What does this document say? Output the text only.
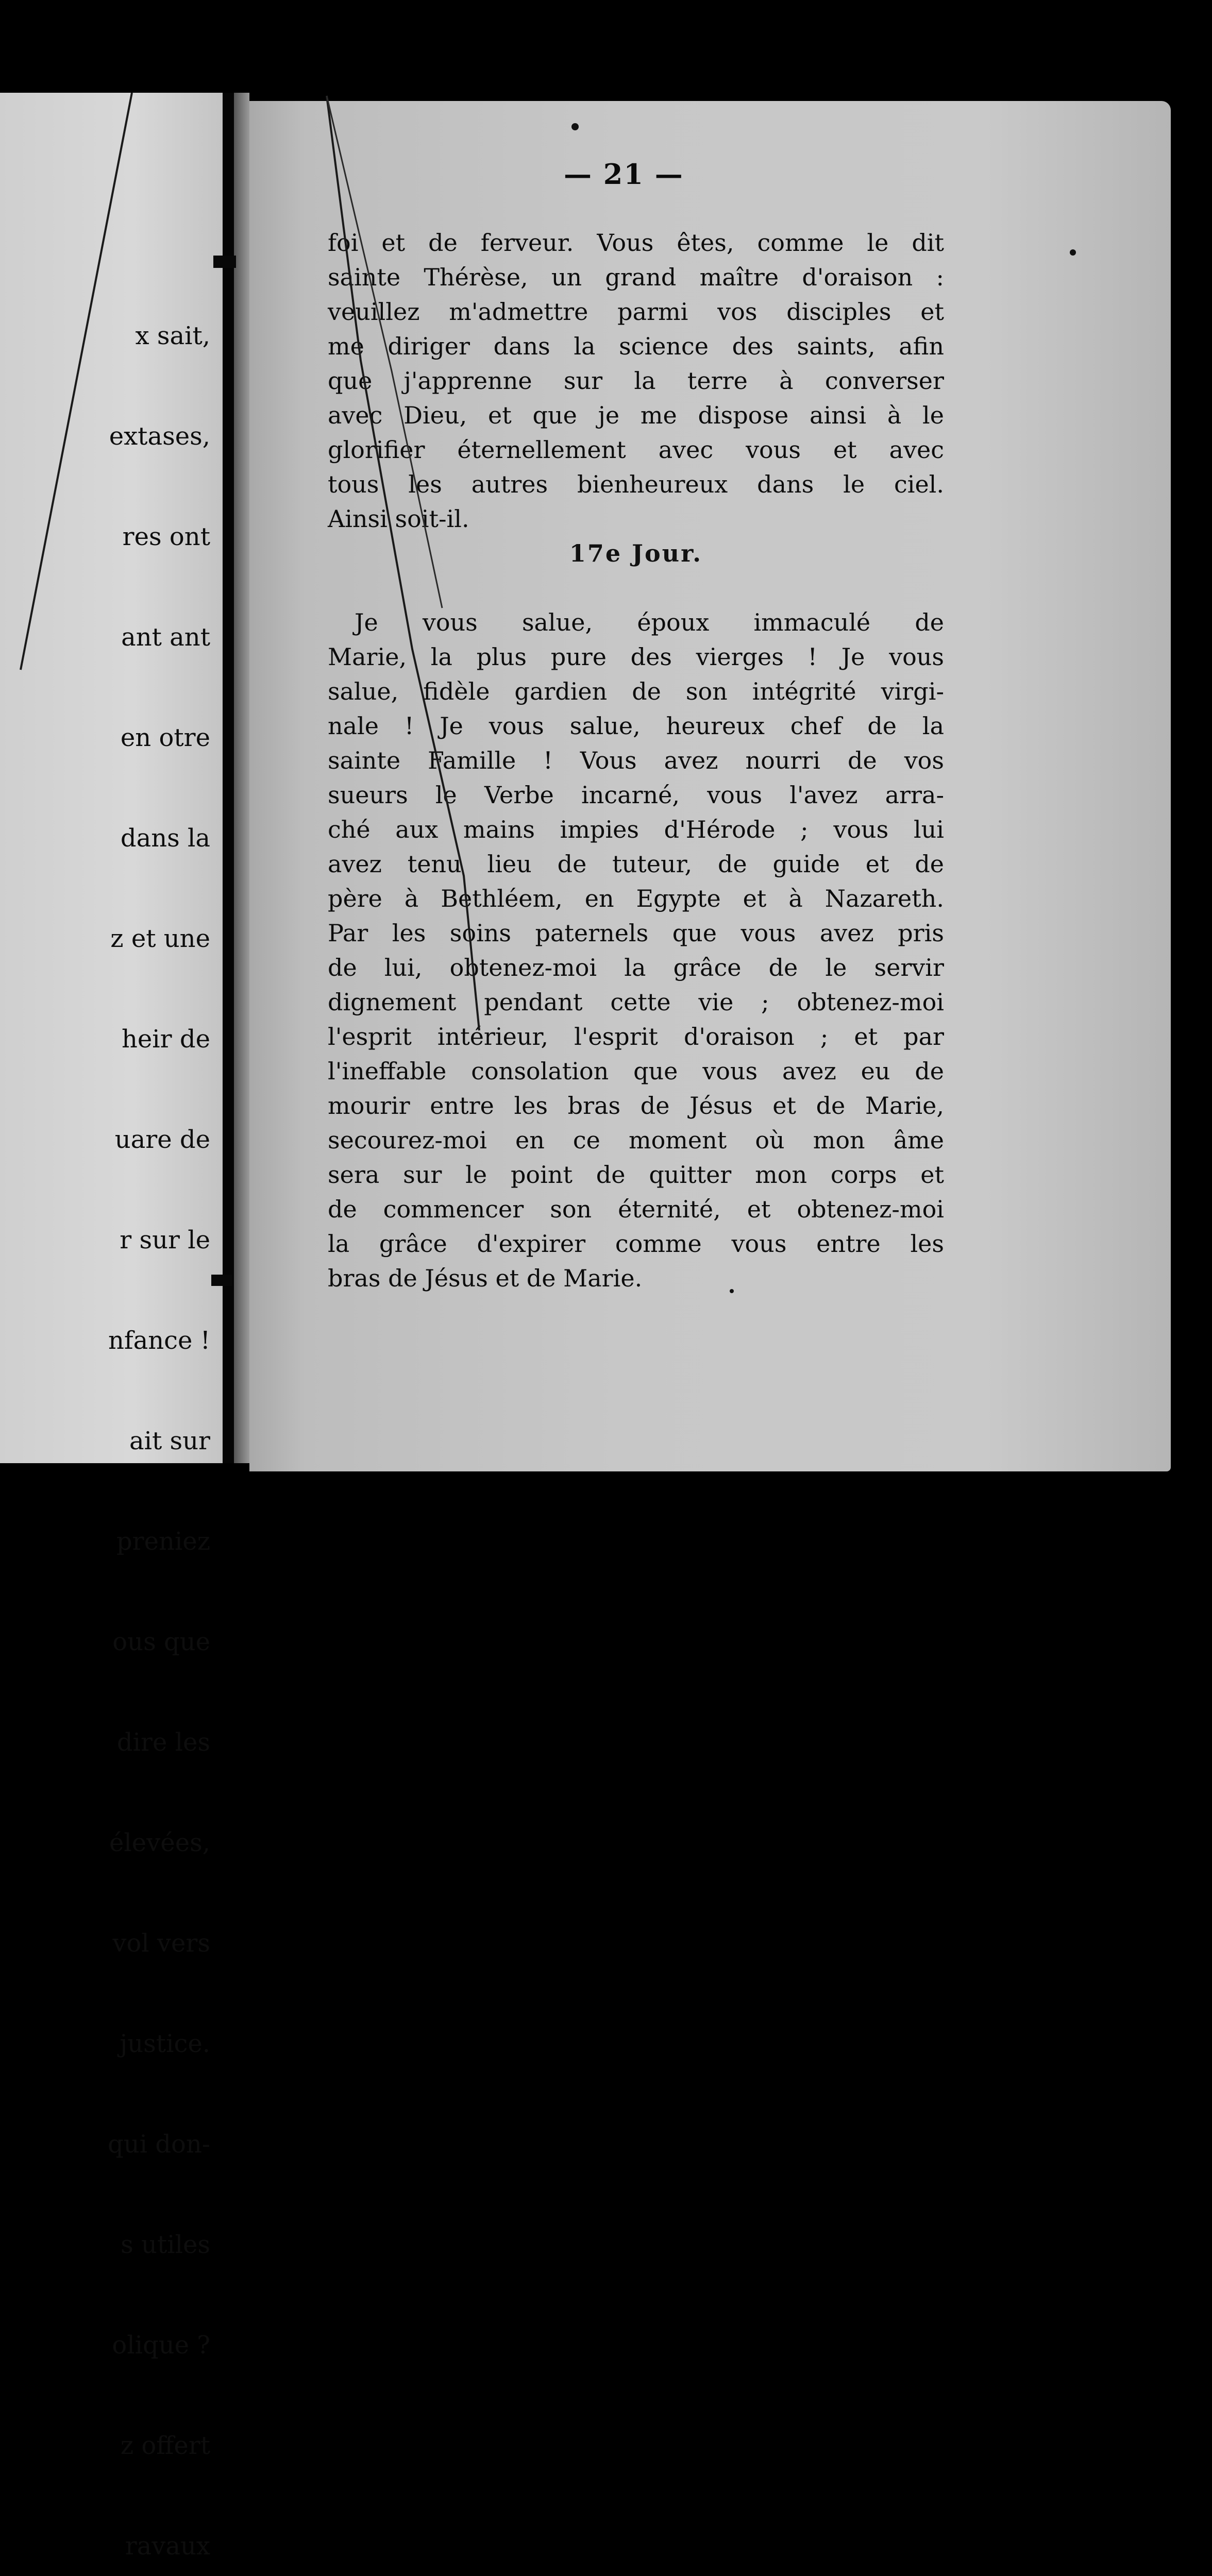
x sait,

extases,

res ont

ant ant

en otre

dans la

z et une

heir de

uare de

r sur le

nfance !

ait sur

preniez

ous que

dire les

élevées,

vol vers

justice.

qui don-

s utiles

olique ?

z offert

ravaux

— 21 —

foi et de ferveur. Vous êtes, comme le dit
sainte Thérèse, un grand maître d'oraison :
veuillez m'admettre parmi vos disciples et
me diriger dans la science des saints, afin
que j'apprenne sur la terre à converser
avec Dieu, et que je me dispose ainsi à le
glorifier éternellement avec vous et avec
tous les autres bienheureux dans le ciel.
Ainsi soit-il.

17e Jour.

Je vous salue, époux immaculé de
Marie, la plus pure des vierges ! Je vous
salue, fidèle gardien de son intégrité virgi-
nale ! Je vous salue, heureux chef de la
sainte Famille ! Vous avez nourri de vos
sueurs le Verbe incarné, vous l'avez arra-
ché aux mains impies d'Hérode ; vous lui
avez tenu lieu de tuteur, de guide et de
père à Bethléem, en Egypte et à Nazareth.
Par les soins paternels que vous avez pris
de lui, obtenez-moi la grâce de le servir
dignement pendant cette vie ; obtenez-moi
l'esprit intérieur, l'esprit d'oraison ; et par
l'ineffable consolation que vous avez eu de
mourir entre les bras de Jésus et de Marie,
secourez-moi en ce moment où mon âme
sera sur le point de quitter mon corps et
de commencer son éternité, et obtenez-moi
la grâce d'expirer comme vous entre les
bras de Jésus et de Marie.
